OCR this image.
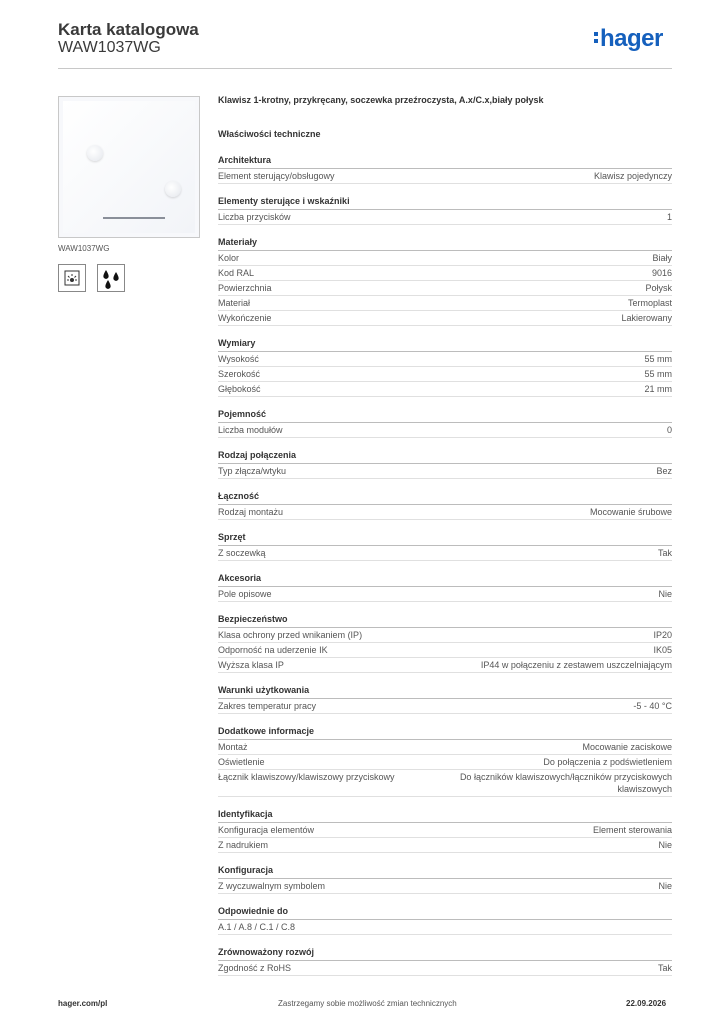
Karta katalogowa
WAW1037WG	hager
WAW1037WG
Klawisz 1-krotny, przykręcany, soczewka przeźroczysta, A.x/C.x,biały połysk
Właściwości techniczne
Architektura
Element sterujący/obsługowy	Klawisz pojedynczy
Elementy sterujące i wskaźniki
Liczba przycisków	1
Materiały
Kolor	Biały
Kod RAL	9016
Powierzchnia	Połysk
Materiał	Termoplast
Wykończenie	Lakierowany
Wymiary
Wysokość	55 mm
Szerokość	55 mm
Głębokość	21 mm
Pojemność
Liczba modułów	0
Rodzaj połączenia
Typ złącza/wtyku	Bez
Łączność
Rodzaj montażu	Mocowanie śrubowe
Sprzęt
Z soczewką	Tak
Akcesoria
Pole opisowe	Nie
Bezpieczeństwo
Klasa ochrony przed wnikaniem (IP)	IP20
Odporność na uderzenie IK	IK05
Wyższa klasa IP	IP44 w połączeniu z zestawem uszczelniającym
Warunki użytkowania
Zakres temperatur pracy	-5 - 40 °C
Dodatkowe informacje
Montaż	Mocowanie zaciskowe
Oświetlenie	Do połączenia z podświetleniem
Łącznik klawiszowy/klawiszowy przyciskowy	Do łączników klawiszowych/łączników przyciskowych klawiszowych
Identyfikacja
Konfiguracja elementów	Element sterowania
Z nadrukiem	Nie
Konfiguracja
Z wyczuwalnym symbolem	Nie
Odpowiednie do
A.1 / A.8 / C.1 / C.8
Zrównoważony rozwój
Zgodność z RoHS	Tak
hager.com/pl	Zastrzegamy sobie możliwość zmian technicznych	22.09.2026
